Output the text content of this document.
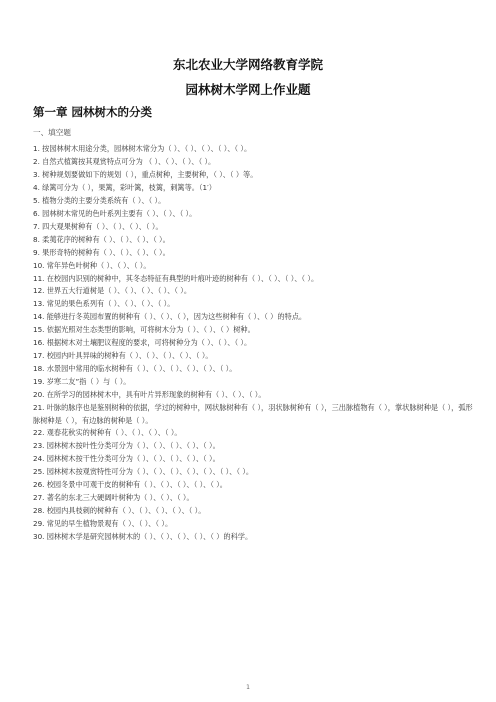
东北农业大学网络教育学院
园林树木学网上作业题
第一章 园林树木的分类
一、填空题
1. 按园林树木用途分类，园林树木常分为（ ）、（ ）、（ ）、（ ）、（ ）。
2. 自然式植篱按其观赏特点可分为 （ ）、（ ）、（ ）、（ ）。
3. 树种规划要做如下的规划（ ），重点树种，主要树种，（ ）、（ ）等。
4. 绿篱可分为（ ），果篱，彩叶篱，枝篱，刺篱等。（1′）
5. 植物分类的主要分类系统有（ ）、（ ）。
6. 园林树木常见的色叶系列主要有（ ）、（ ）、（ ）。
7. 四大观果树种有（ ）、（ ）、（ ）、（ ）。
8. 柔荑花序的树种有（ ）、（ ）、（ ）、（ ）。
9. 果形奇特的树种有（ ）、（ ）、（ ）、（ ）。
10. 常年异色叶树种（ ）、（ ）、（ ）。
11. 在校园内识别的树种中，其冬态特征有典型的叶痕叶迹的树种有（ ）、（ ）、（ ）、（ ）。
12. 世界五大行道树是（ ）、（ ）、（ ）、（ ）、（ ）。
13. 常见的果色系列有（ ）、（ ）、（ ）、（ ）。
14. 能够进行冬英园布置的树种有（ ）、（ ）、（ ），因为这些树种有（ ）、（ ）的特点。
15. 依据光照对生态类型的影响，可将树木分为（ ）、（ ）、（ ）树种。
16. 根据树木对土壤肥议程度的要求，可将树种分为（ ）、（ ）、（ ）。
17. 校园内叶具异味的树种有（ ）、（ ）、（ ）、（ ）、（ ）。
18. 水景园中常用的临水树种有（ ）、（ ）、（ ）、（ ）、（ ）、（ ）。
19. 岁寒二友”指（ ）与（ ）。
20. 在所学习的园林树木中，具有叶片异形现象的树种有（ ）、（ ）、（ ）。
21. 叶脉的脉序也是鉴别树种的依据，学过的树种中，网状脉树种有（ ），羽状脉树种有（ ），三出脉植物有（ ），掌状脉树种是（ ），弧形脉树种是（ ），有边脉的树种是（ ）。
22. 观春花秋实的树种有（ ）、（ ）、（ ）、（ ）。
23. 园林树木按叶性分类可分为（ ）、（ ）、（ ）、（ ）、（ ）。
24. 园林树木按干性分类可分为（ ）、（ ）、（ ）、（ ）、（ ）。
25. 园林树木按观赏特性可分为（ ）、（ ）、（ ）、（ ）、（ ）、（ ）、（ ）。
26. 校园冬景中可观干皮的树种有（ ）、（ ）、（ ）、（ ）、（ ）。
27. 著名的东北三大硬阔叶树种为（ ）、（ ）、（ ）。
28. 校园内具枝刺的树种有（ ）、（ ）、（ ）、（ ）、（ ）。
29. 常见的早生植物景观有（ ）、（ ）、（ ）。
30. 园林树木学是研究园林树木的（ ）、（ ）、（ ）、（ ）、（ ）的科学。
1
